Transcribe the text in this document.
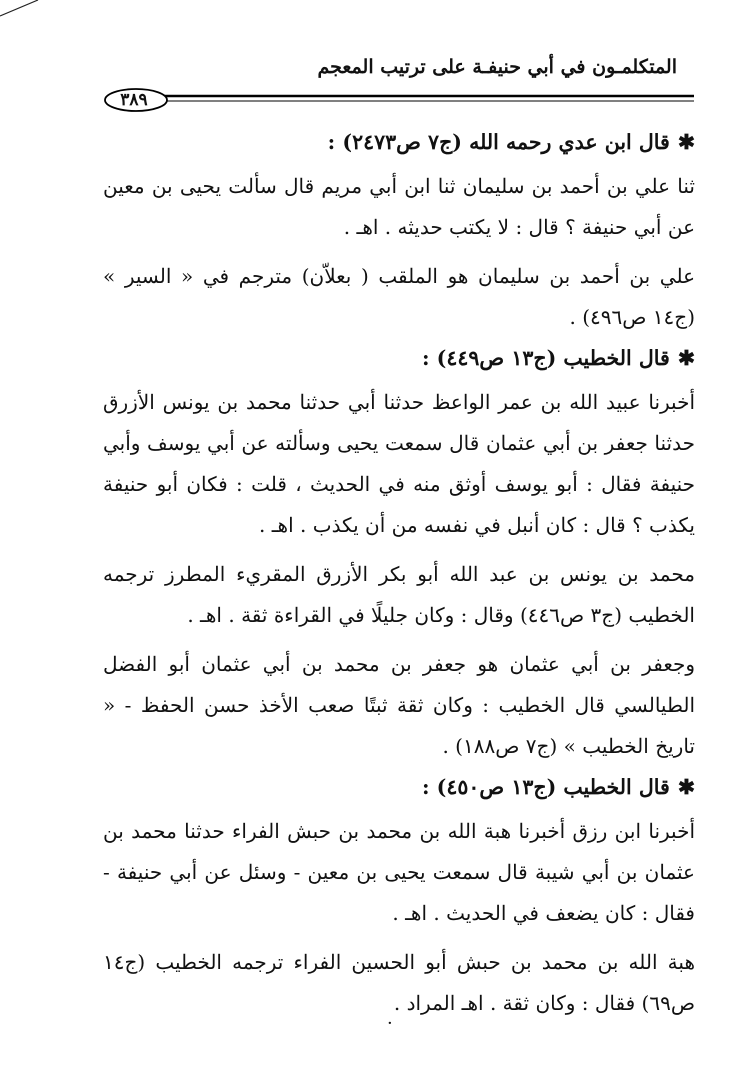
المتكلمـون في أبي حنيفـة على ترتيب المعجم
٣٨٩
✱قال ابن عدي رحمه الله (ج٧ ص٢٤٧٣) :

ثنا علي بن أحمد بن سليمان ثنا ابن أبي مريم قال سألت يحيى بن معين عن أبي حنيفة ؟ قال : لا يكتب حديثه . اهـ .

علي بن أحمد بن سليمان هو الملقب ( بعلاّن) مترجم في « السير » (ج١٤ ص٤٩٦) .

✱قال الخطيب (ج١٣ ص٤٤٩) :

أخبرنا عبيد الله بن عمر الواعظ حدثنا أبي حدثنا محمد بن يونس الأزرق حدثنا جعفر بن أبي عثمان قال سمعت يحيى وسألته عن أبي يوسف وأبي حنيفة فقال : أبو يوسف أوثق منه في الحديث ، قلت : فكان أبو حنيفة يكذب ؟ قال : كان أنبل في نفسه من أن يكذب . اهـ .

محمد بن يونس بن عبد الله أبو بكر الأزرق المقريء المطرز ترجمه الخطيب (ج٣ ص٤٤٦) وقال : وكان جليلًا في القراءة ثقة . اهـ .

وجعفر بن أبي عثمان هو جعفر بن محمد بن أبي عثمان أبو الفضل الطيالسي قال الخطيب : وكان ثقة ثبتًا صعب الأخذ حسن الحفظ - « تاريخ الخطيب » (ج٧ ص١٨٨) .

✱قال الخطيب (ج١٣ ص٤٥٠) :

أخبرنا ابن رزق أخبرنا هبة الله بن محمد بن حبش الفراء حدثنا محمد بن عثمان بن أبي شيبة قال سمعت يحيى بن معين - وسئل عن أبي حنيفة - فقال : كان يضعف في الحديث . اهـ .

هبة الله بن محمد بن حبش أبو الحسين الفراء ترجمه الخطيب (ج١٤ ص٦٩) فقال : وكان ثقة . اهـ المراد .

·
